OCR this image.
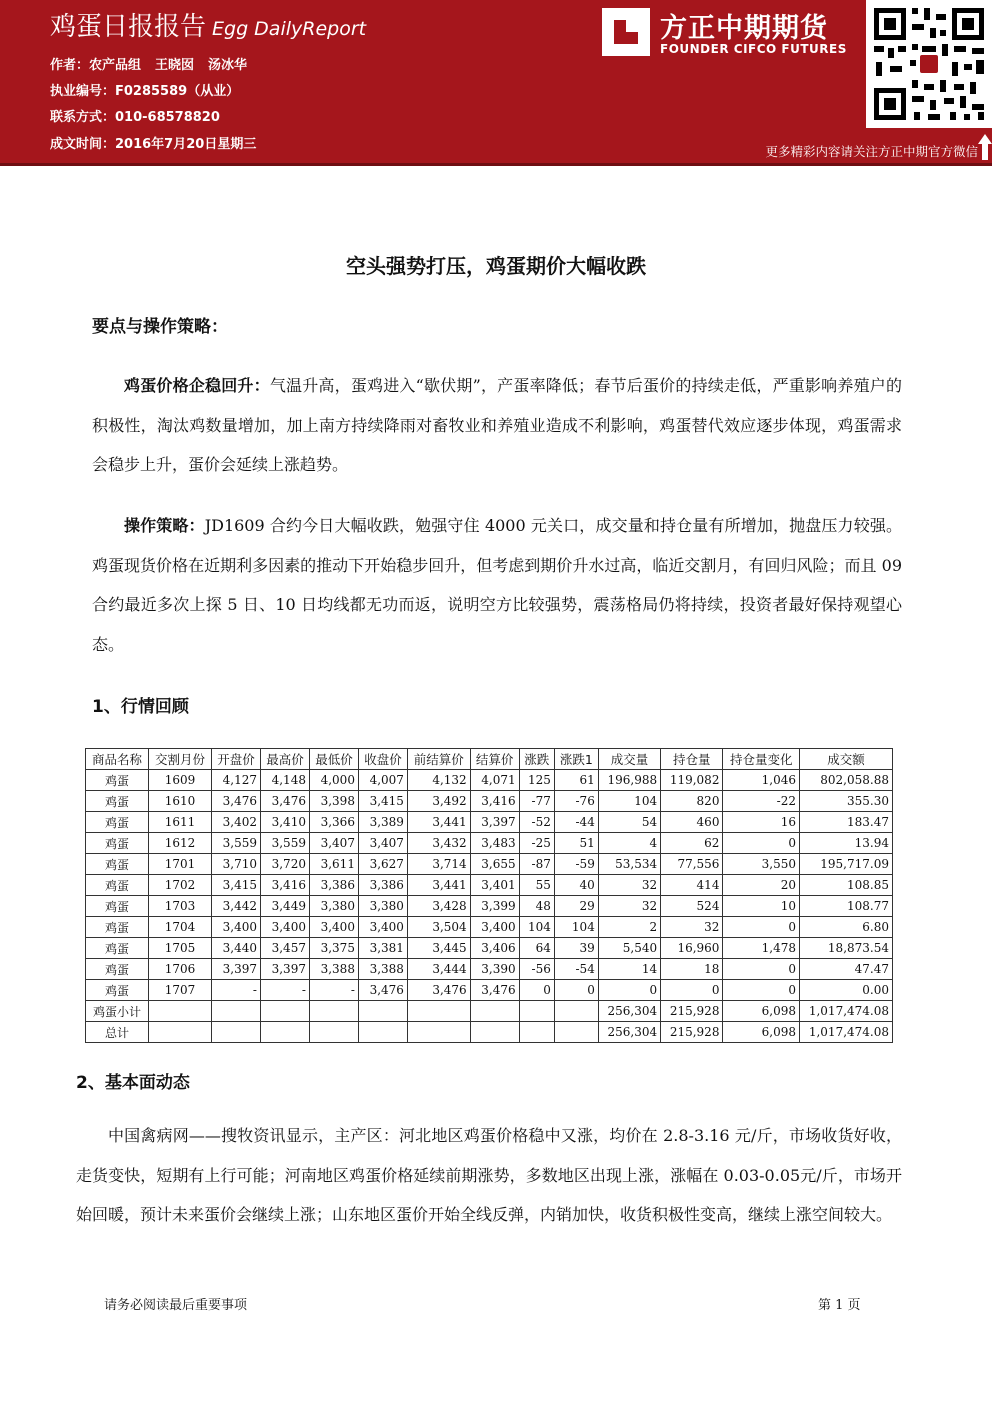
鸡蛋日报报告 Egg DailyReport
作者：农产品组 王晓囡 汤冰华
执业编号：F0285589（从业）
联系方式：010-68578820
成文时间：2016年7月20日星期三
方正中期期货
FOUNDER CIFCO FUTURES
更多精彩内容请关注方正中期官方微信
空头强势打压，鸡蛋期价大幅收跌
要点与操作策略：
鸡蛋价格企稳回升：气温升高，蛋鸡进入“歇伏期”，产蛋率降低；春节后蛋价的持续走低，严重影响养殖户的积极性，淘汰鸡数量增加，加上南方持续降雨对畜牧业和养殖业造成不利影响，鸡蛋替代效应逐步体现，鸡蛋需求会稳步上升，蛋价会延续上涨趋势。
操作策略：JD1609 合约今日大幅收跌，勉强守住 4000 元关口，成交量和持仓量有所增加，抛盘压力较强。鸡蛋现货价格在近期利多因素的推动下开始稳步回升，但考虑到期价升水过高，临近交割月，有回归风险；而且 09 合约最近多次上探 5 日、10 日均线都无功而返，说明空方比较强势，震荡格局仍将持续，投资者最好保持观望心态。
1、行情回顾
商品名称	交割月份	开盘价	最高价	最低价	收盘价	前结算价	结算价	涨跌	涨跌1	成交量	持仓量	持仓量变化	成交额
鸡蛋	1609	4,127	4,148	4,000	4,007	4,132	4,071	125	61	196,988	119,082	1,046	802,058.88
鸡蛋	1610	3,476	3,476	3,398	3,415	3,492	3,416	-77	-76	104	820	-22	355.30
鸡蛋	1611	3,402	3,410	3,366	3,389	3,441	3,397	-52	-44	54	460	16	183.47
鸡蛋	1612	3,559	3,559	3,407	3,407	3,432	3,483	-25	51	4	62	0	13.94
鸡蛋	1701	3,710	3,720	3,611	3,627	3,714	3,655	-87	-59	53,534	77,556	3,550	195,717.09
鸡蛋	1702	3,415	3,416	3,386	3,386	3,441	3,401	55	40	32	414	20	108.85
鸡蛋	1703	3,442	3,449	3,380	3,380	3,428	3,399	48	29	32	524	10	108.77
鸡蛋	1704	3,400	3,400	3,400	3,400	3,504	3,400	104	104	2	32	0	6.80
鸡蛋	1705	3,440	3,457	3,375	3,381	3,445	3,406	64	39	5,540	16,960	1,478	18,873.54
鸡蛋	1706	3,397	3,397	3,388	3,388	3,444	3,390	-56	-54	14	18	0	47.47
鸡蛋	1707	-	-	-	3,476	3,476	3,476	0	0	0	0	0	0.00
鸡蛋小计										256,304	215,928	6,098	1,017,474.08
总计										256,304	215,928	6,098	1,017,474.08
2、基本面动态
中国禽病网——搜牧资讯显示，主产区：河北地区鸡蛋价格稳中又涨，均价在 2.8-3.16 元/斤，市场收货好收，走货变快，短期有上行可能；河南地区鸡蛋价格延续前期涨势，多数地区出现上涨，涨幅在 0.03-0.05元/斤，市场开始回暖，预计未来蛋价会继续上涨；山东地区蛋价开始全线反弹，内销加快，收货积极性变高，继续上涨空间较大。
请务必阅读最后重要事项	第 1 页
